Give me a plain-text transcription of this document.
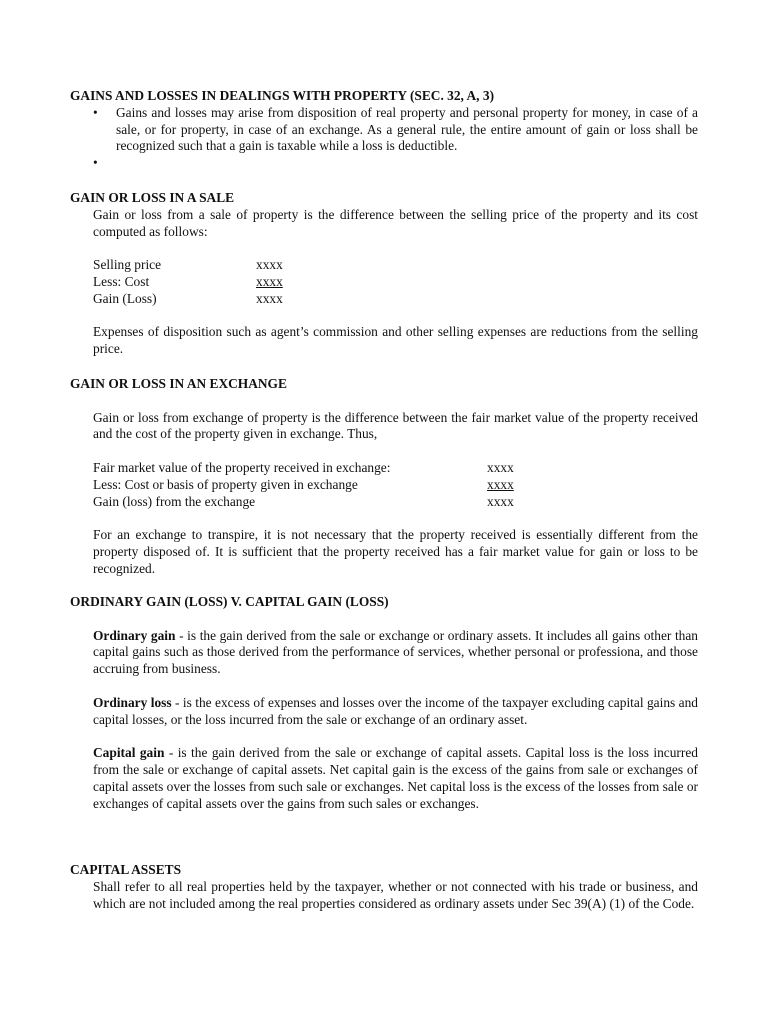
GAINS AND LOSSES IN DEALINGS WITH PROPERTY (SEC. 32, A, 3)
• Gains and losses may arise from disposition of real property and personal property for money, in case of a sale, or for property, in case of an exchange. As a general rule, the entire amount of gain or loss shall be recognized such that a gain is taxable while a loss is deductible.
•
GAIN OR LOSS IN A SALE
Gain or loss from a sale of property is the difference between the selling price of the property and its cost computed as follows:
Selling price	xxxx
Less: Cost	xxxx
Gain (Loss)	xxxx
Expenses of disposition such as agent’s commission and other selling expenses are reductions from the selling price.
GAIN OR LOSS IN AN EXCHANGE
Gain or loss from exchange of property is the difference between the fair market value of the property received and the cost of the property given in exchange. Thus,
Fair market value of the property received in exchange:	xxxx
Less: Cost or basis of property given in exchange	xxxx
Gain (loss) from the exchange	xxxx
For an exchange to transpire, it is not necessary that the property received is essentially different from the property disposed of. It is sufficient that the property received has a fair market value for gain or loss to be recognized.
ORDINARY GAIN (LOSS) V. CAPITAL GAIN (LOSS)
Ordinary gain - is the gain derived from the sale or exchange or ordinary assets. It includes all gains other than capital gains such as those derived from the performance of services, whether personal or professiona, and those accruing from business.
Ordinary loss - is the excess of expenses and losses over the income of the taxpayer excluding capital gains and capital losses, or the loss incurred from the sale or exchange of an ordinary asset.
Capital gain - is the gain derived from the sale or exchange of capital assets. Capital loss is the loss incurred from the sale or exchange of capital assets. Net capital gain is the excess of the gains from sale or exchanges of capital assets over the losses from such sale or exchanges. Net capital loss is the excess of the losses from sale or exchanges of capital assets over the gains from such sales or exchanges.
CAPITAL ASSETS
Shall refer to all real properties held by the taxpayer, whether or not connected with his trade or business, and which are not included among the real properties considered as ordinary assets under Sec 39(A) (1) of the Code.
